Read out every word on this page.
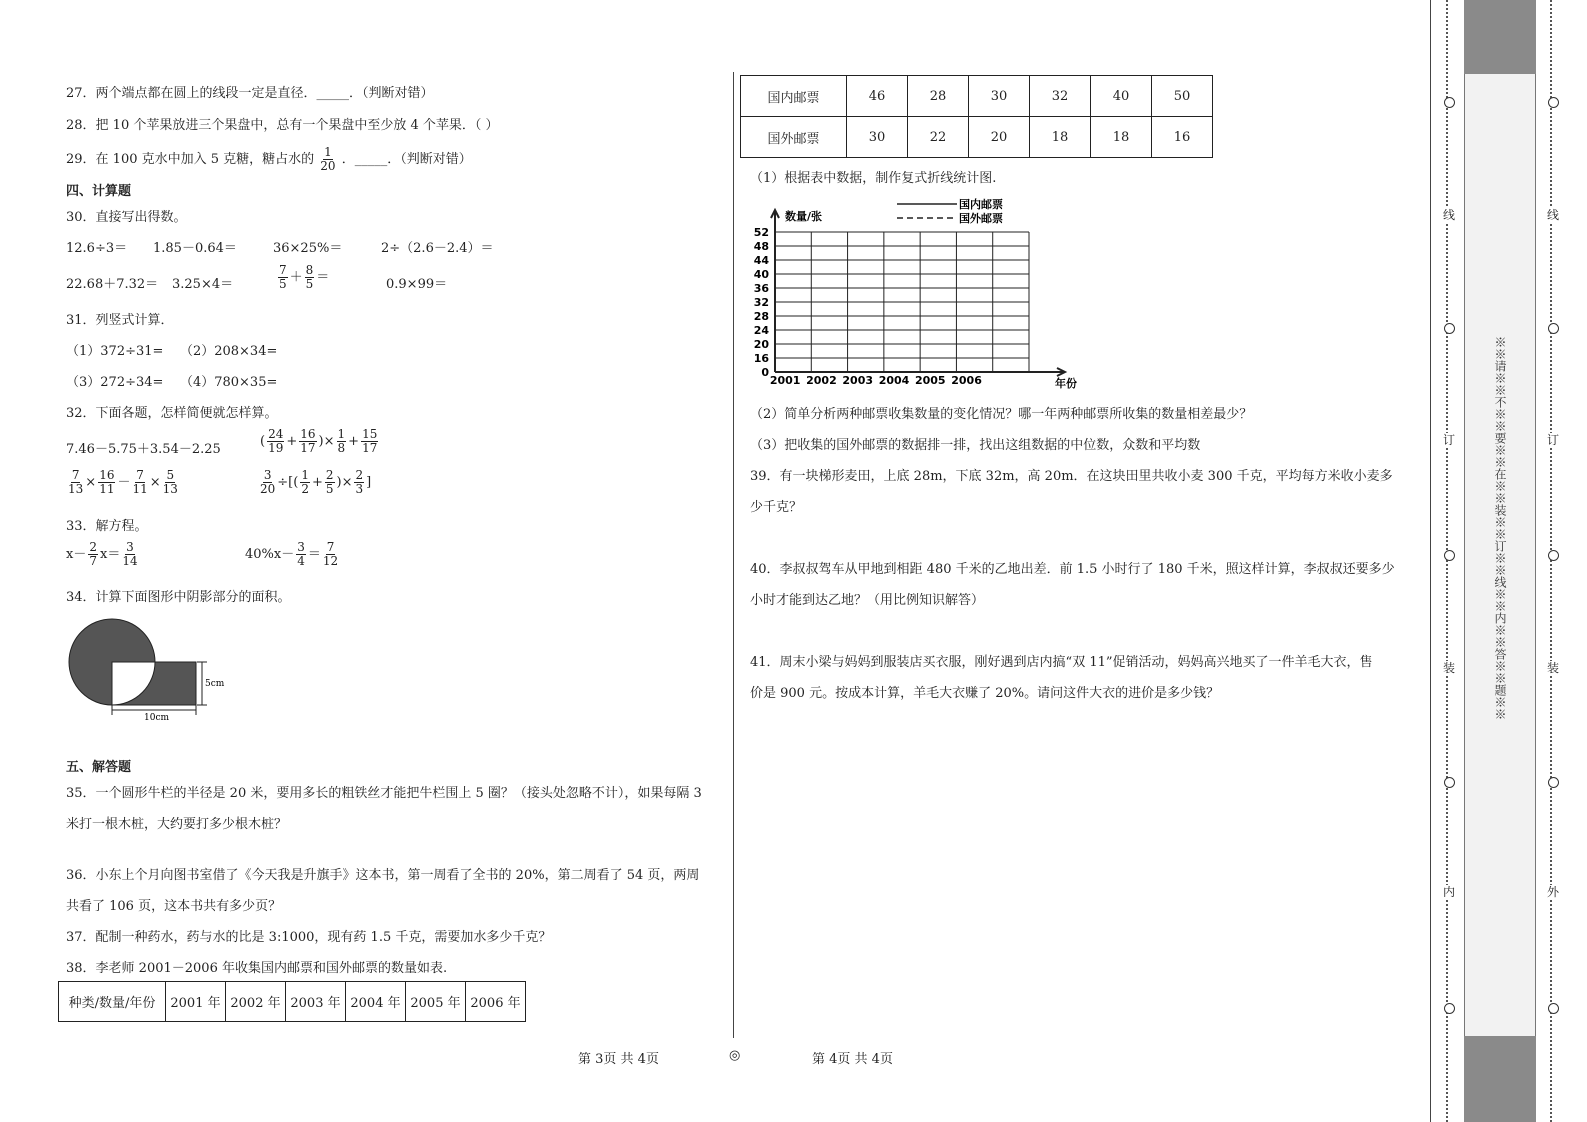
27．两个端点都在圆上的线段一定是直径．_____．（判断对错）
28．把 10 个苹果放进三个果盘中，总有一个果盘中至少放 4 个苹果．（ ）
29．在 100 克水中加入 5 克糖，糖占水的 $\frac{1}{20}$ ．_____．（判断对错）
四、计算题
30．直接写出得数。
12.6÷3＝ 1.85－0.64＝	36×25%＝	2÷（2.6－2.4）＝
22.68＋7.32＝ 3.25×4＝	$\frac{7}{5} + \frac{8}{5}$ ＝	0.9×99＝
31．列竖式计算．
（1）372÷31=    （2）208×34=
（3）272÷34=    （4）780×35=
32．下面各题，怎样简便就怎样算。
7.46－5.75＋3.54－2.25
( $\frac{24}{19} + \frac{16}{17}$ )× $\frac{1}{8} + \frac{15}{17}$
$\frac{7}{13} \times \frac{16}{11} - \frac{7}{11} \times \frac{5}{13}$	$\frac{3}{20}$ ÷[( $\frac{1}{2} + \frac{2}{5}$ )× $\frac{2}{3}$ ]
33．解方程。
$x- \frac{2}{7} x= \frac{3}{14}$	$40\%x- \frac{3}{4} = \frac{7}{12}$
34．计算下面图形中阴影部分的面积。
5cm
10cm
五、解答题
35．一个圆形牛栏的半径是 20 米，要用多长的粗铁丝才能把牛栏围上 5 圈？（接头处忽略不计），如果每隔 3
米打一根木桩，大约要打多少根木桩？
36．小东上个月向图书室借了《今天我是升旗手》这本书，第一周看了全书的 20%，第二周看了 54 页，两周
共看了 106 页，这本书共有多少页？
37．配制一种药水，药与水的比是 3:1000，现有药 1.5 千克，需要加水多少千克？
38．李老师 2001－2006 年收集国内邮票和国外邮票的数量如表.
种类/数量/年份	2001 年	2002 年	2003 年	2004 年	2005 年	2006 年
国内邮票	46	28	30	32	40	50
国外邮票	30	22	20	18	18	16
（1）根据表中数据，制作复式折线统计图.
52
48
44
40
36
32
28
24
20
16
0
2001 2002 2003 2004 2005 2006	年份
数量/张
国内邮票
国外邮票
（2）简单分析两种邮票收集数量的变化情况？哪一年两种邮票所收集的数量相差最少？
（3）把收集的国外邮票的数据排一排，找出这组数据的中位数，众数和平均数
39．有一块梯形麦田，上底 28m，下底 32m，高 20m．在这块田里共收小麦 300 千克，平均每方米收小麦多
少千克？
40．李叔叔驾车从甲地到相距 480 千米的乙地出差．前 1.5 小时行了 180 千米，照这样计算，李叔叔还要多少
小时才能到达乙地？（用比例知识解答）
41．周末小梁与妈妈到服装店买衣服，刚好遇到店内搞“双 11”促销活动，妈妈高兴地买了一件羊毛大衣，售
价是 900 元。按成本计算，羊毛大衣赚了 20%。请问这件大衣的进价是多少钱？
第 3页 共 4页	◎	第 4页 共 4页
※※请※※不※※要※※在※※装※※订※※线※※内※※答※※题※※
线
订
装
内
线
订
装
外
